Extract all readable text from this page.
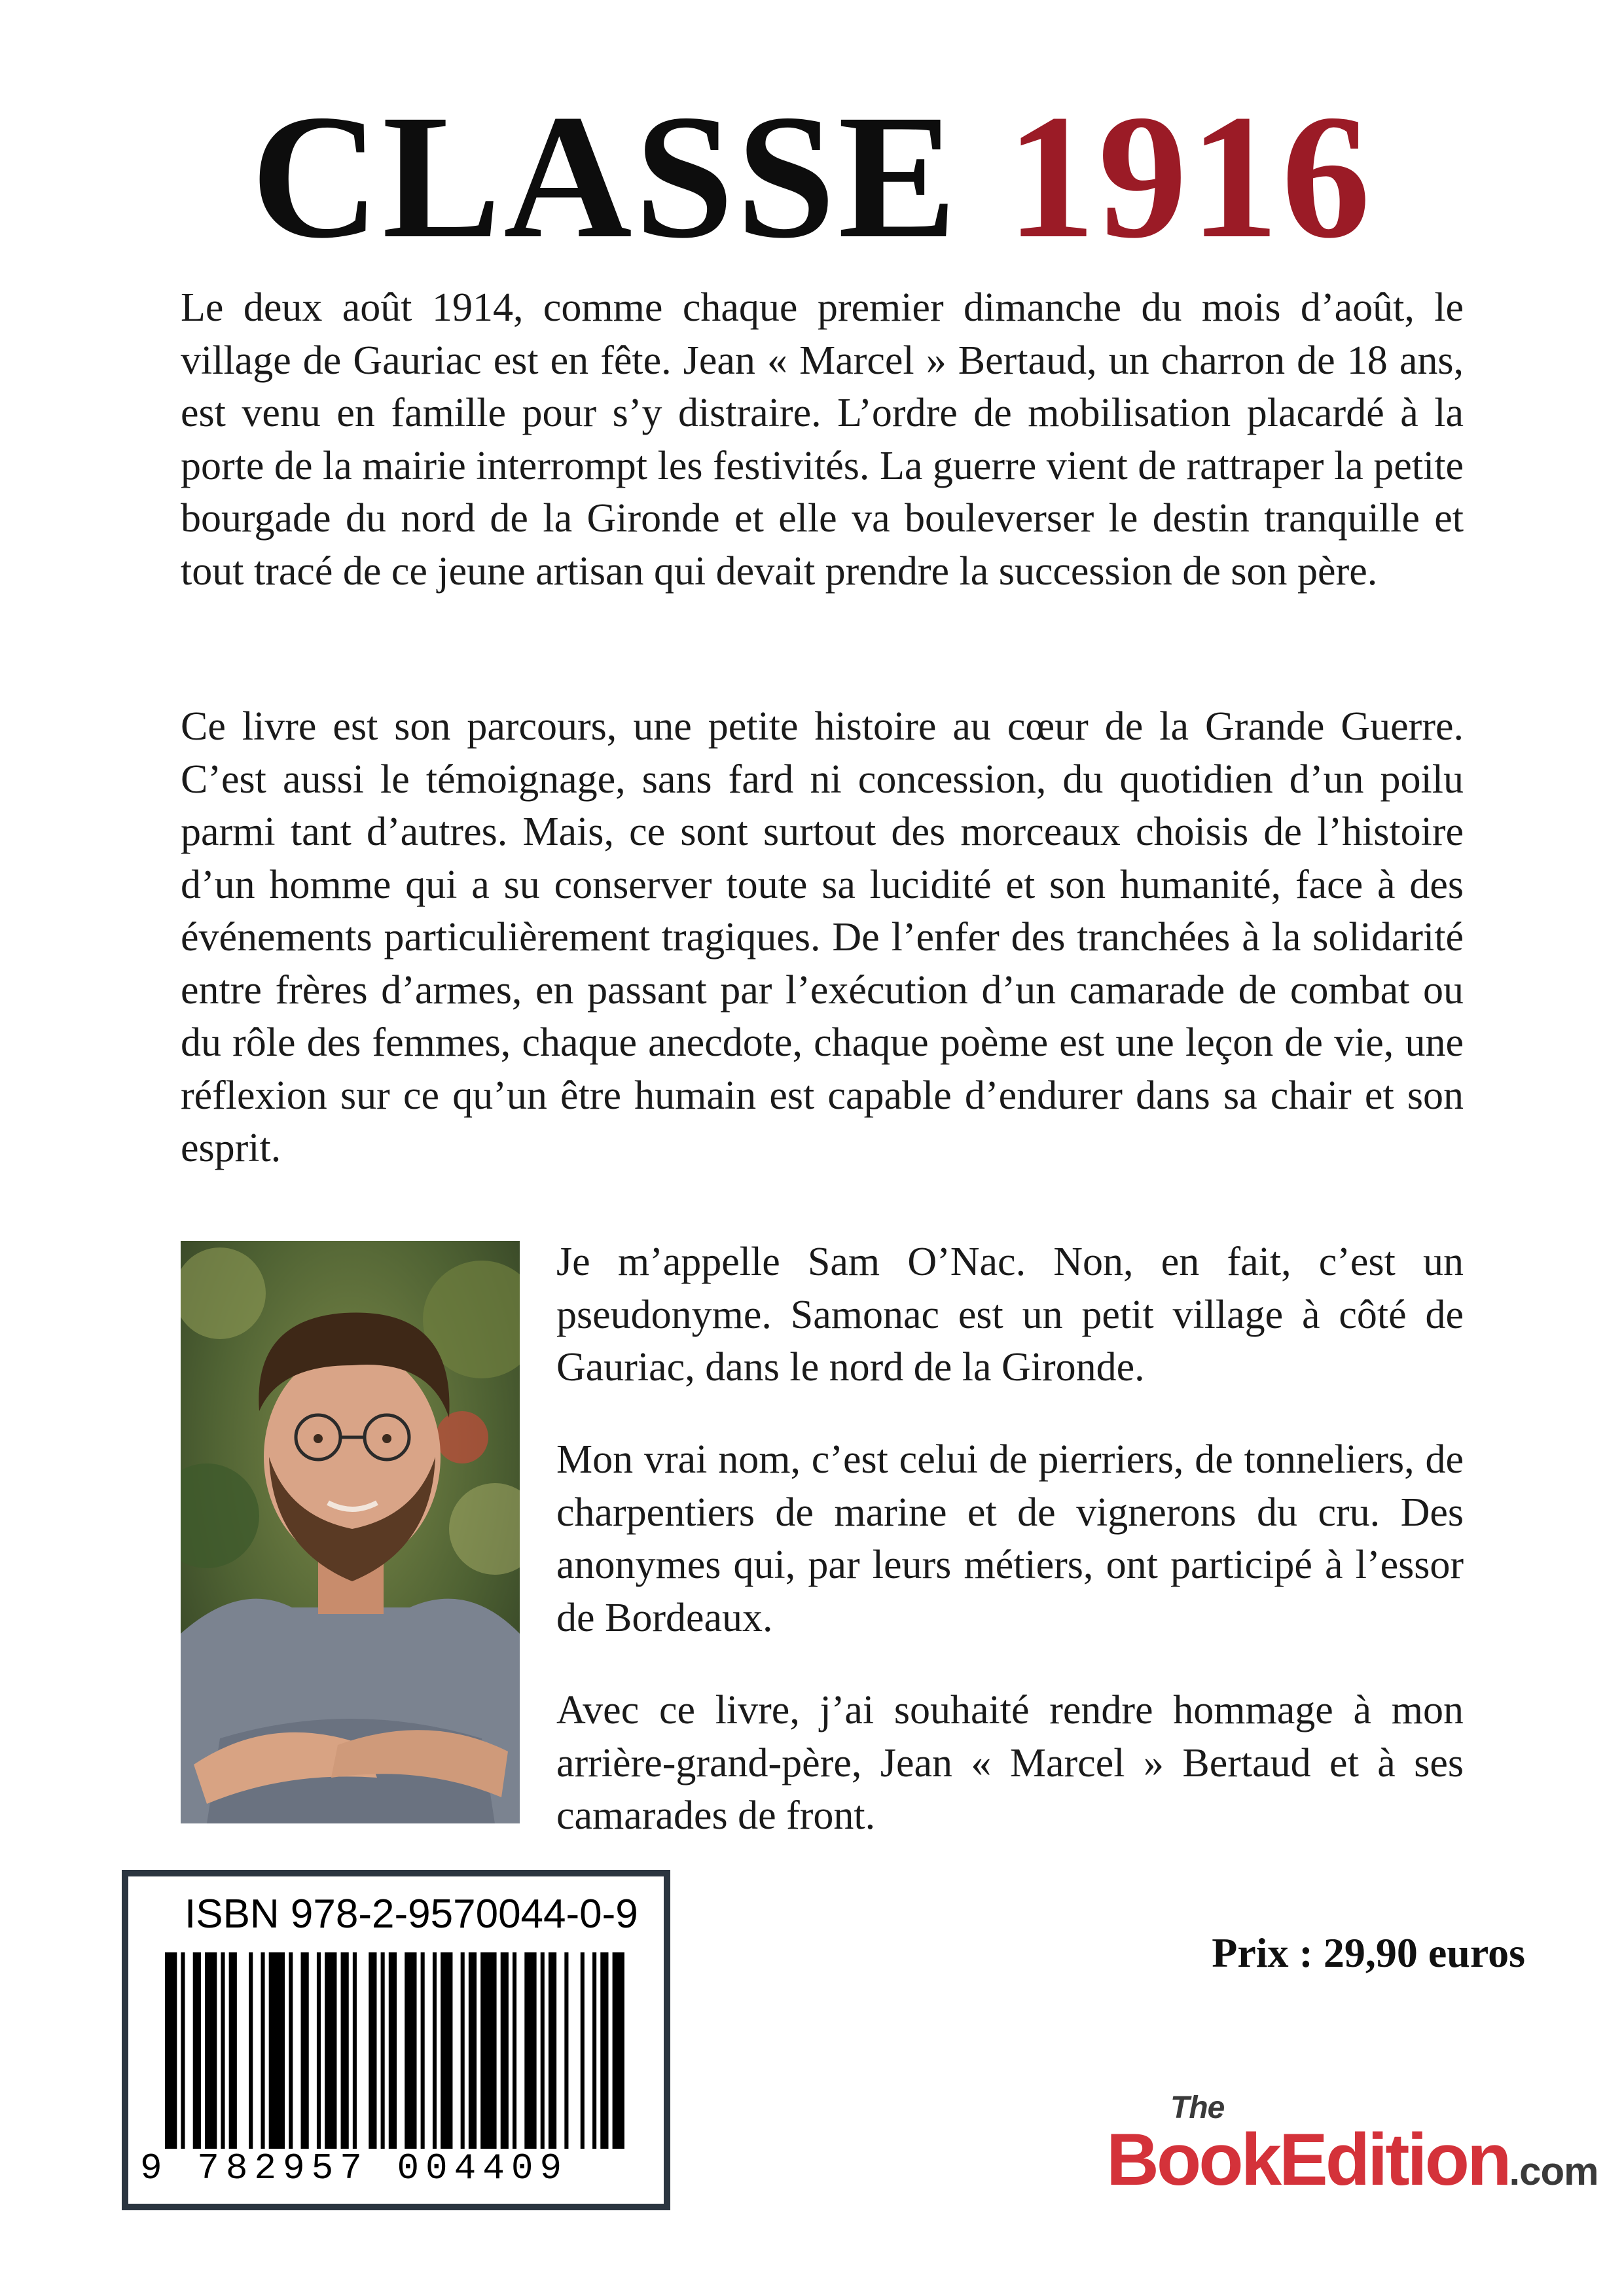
CLASSE 1916

Le deux août 1914, comme chaque premier dimanche du mois d’août, le village de Gauriac est en fête. Jean « Marcel » Bertaud, un charron de 18 ans, est venu en famille pour s’y distraire. L’ordre de mobilisation placardé à la porte de la mairie interrompt les festivités. La guerre vient de rattraper la petite bourgade du nord de la Gironde et elle va bouleverser le destin tranquille et tout tracé de ce jeune artisan qui devait prendre la succession de son père.

Ce livre est son parcours, une petite histoire au cœur de la Grande Guerre. C’est aussi le témoignage, sans fard ni concession, du quotidien d’un poilu parmi tant d’autres. Mais, ce sont surtout des morceaux choisis de l’histoire d’un homme qui a su conserver toute sa lucidité et son humanité, face à des événements particulièrement tragiques. De l’enfer des tranchées à la solidarité entre frères d’armes, en passant par l’exécution d’un camarade de combat ou du rôle des femmes, chaque anecdote, chaque poème est une leçon de vie, une réflexion sur ce qu’un être humain est capable d’endurer dans sa chair et son esprit.

Je m’appelle Sam O’Nac. Non, en fait, c’est un pseudonyme. Samonac est un petit village à côté de Gauriac, dans le nord de la Gironde.

Mon vrai nom, c’est celui de pierriers, de tonneliers, de charpentiers de marine et de vignerons du cru. Des anonymes qui, par leurs métiers, ont participé à l’essor de Bordeaux.

Avec ce livre, j’ai souhaité rendre hommage à mon arrière-grand-père, Jean « Marcel » Bertaud et à ses camarades de front.

ISBN 978-2-9570044-0-9
9 782957 004409
Prix : 29,90 euros
The
BookEdition.com
